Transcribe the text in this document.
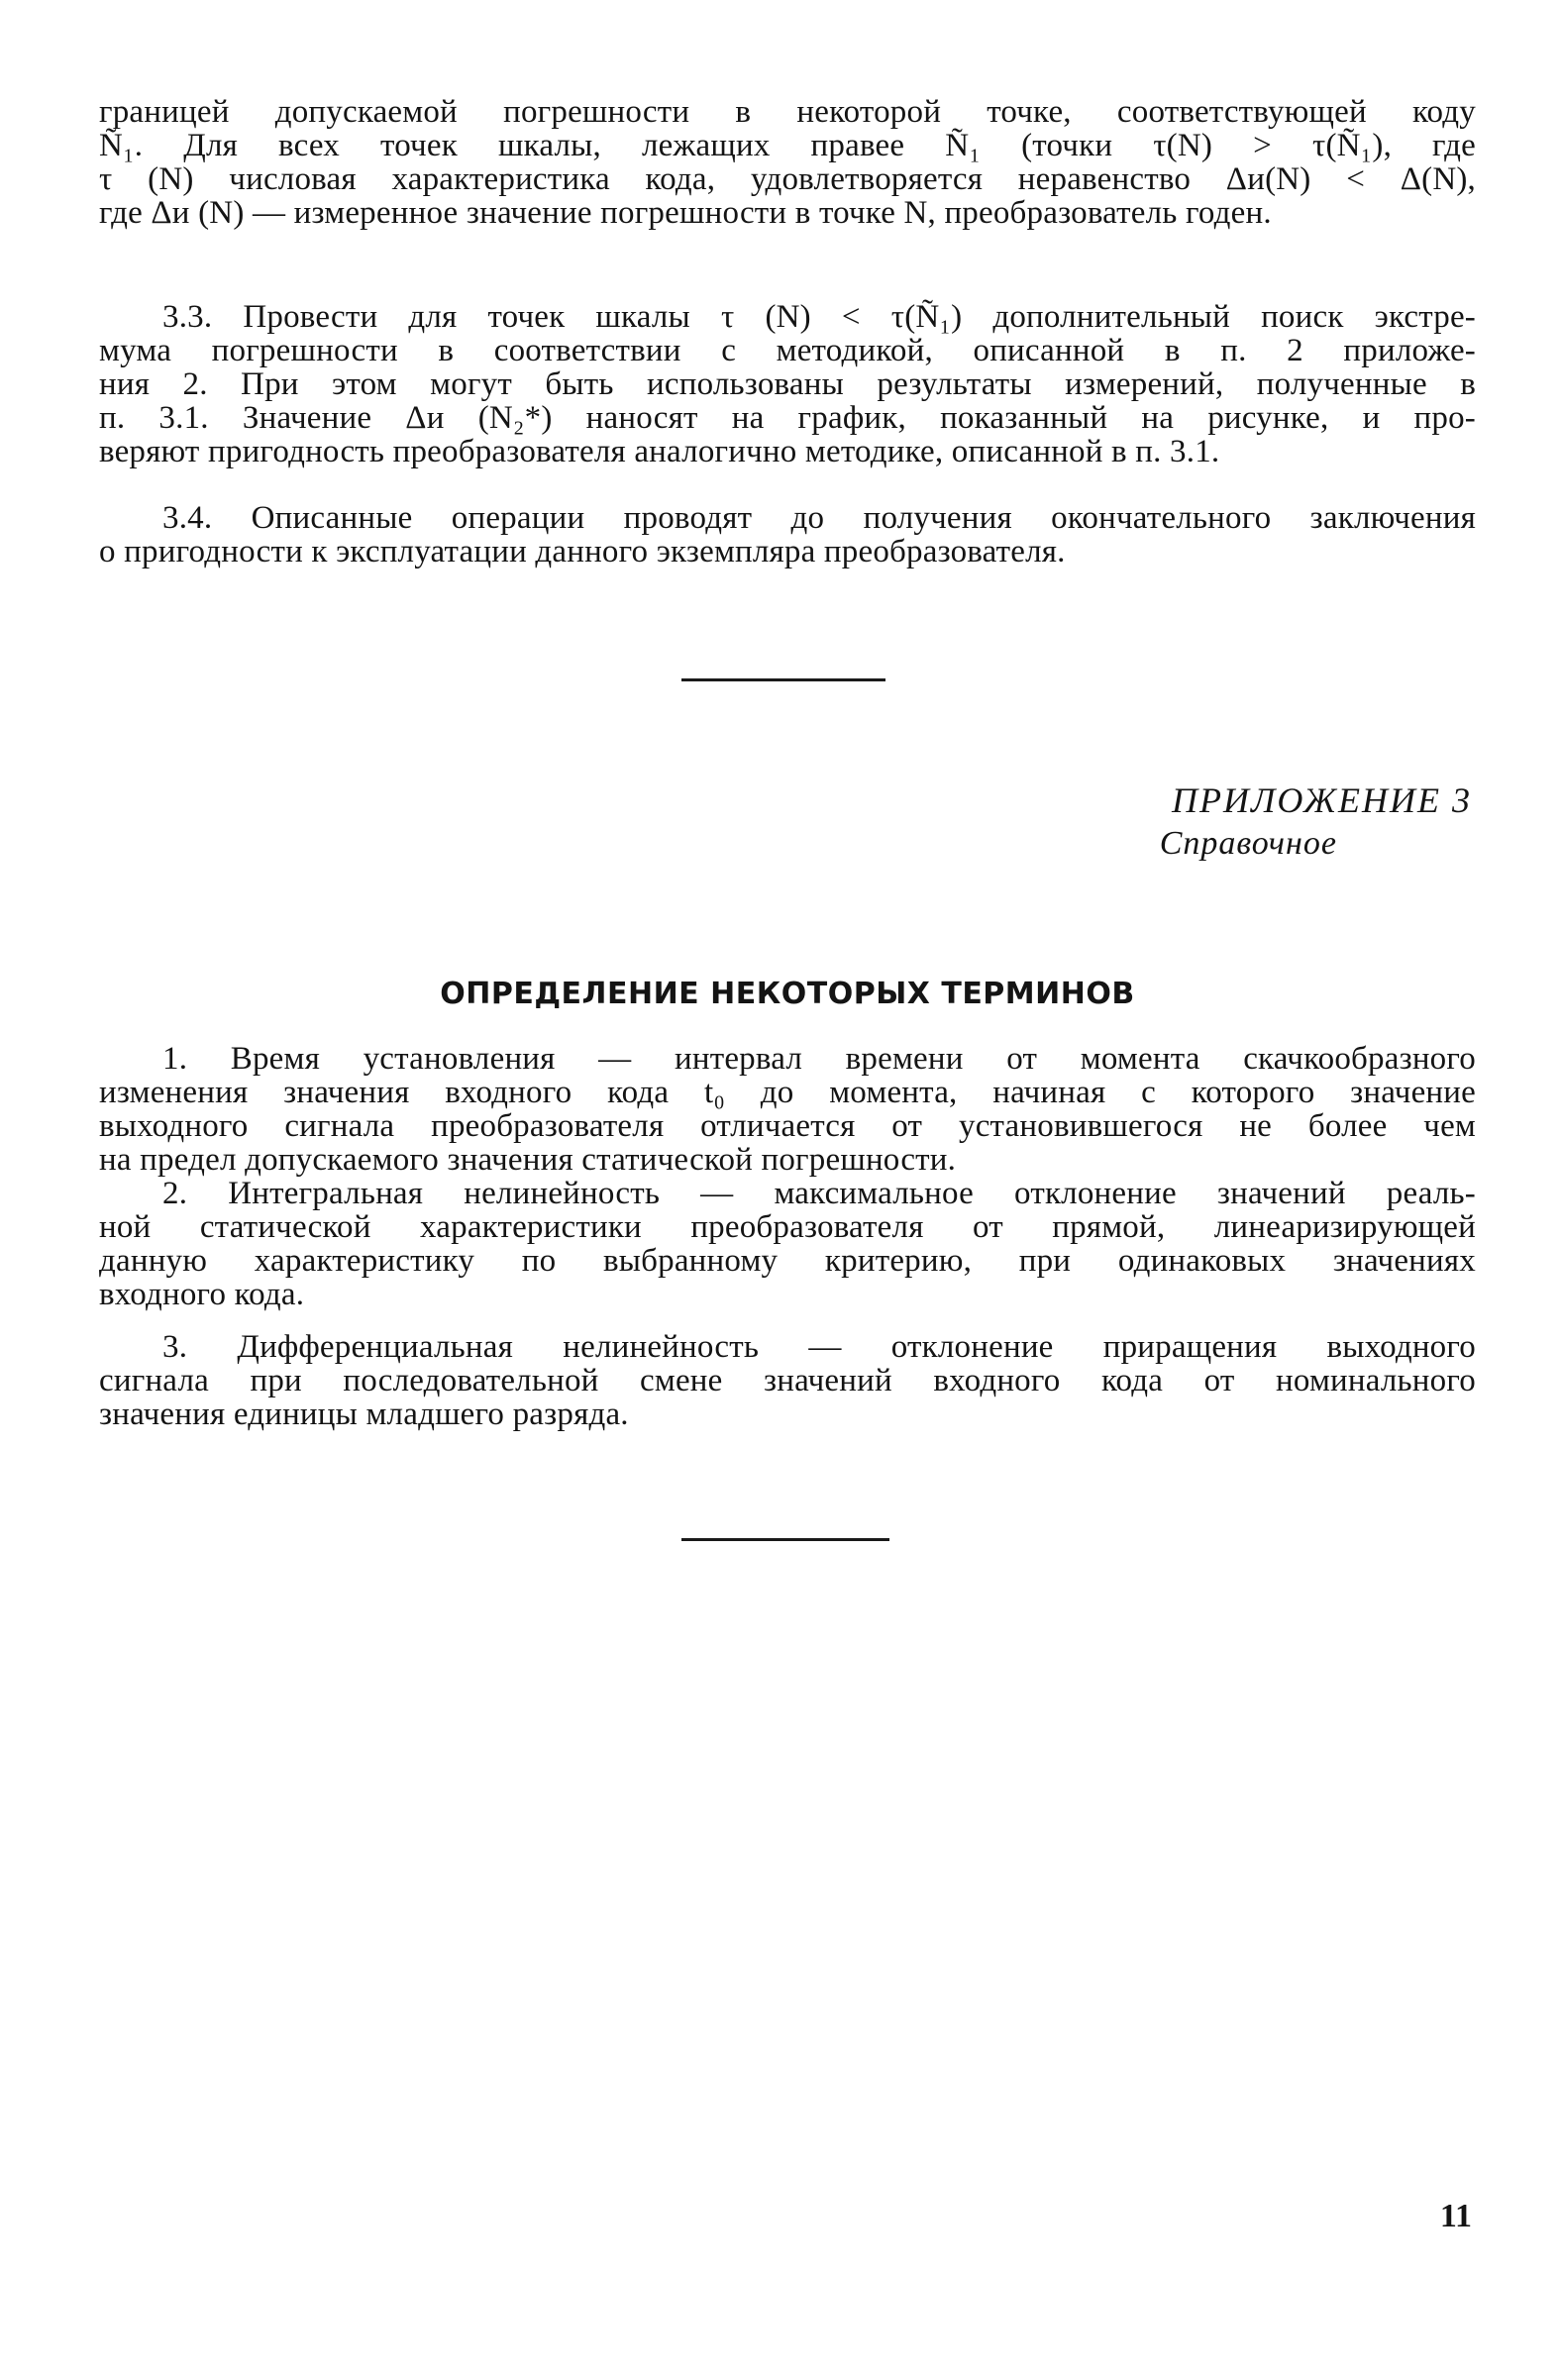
границей допускаемой погрешности в некоторой точке, соответствующей коду
Ñ₁. Для всех точек шкалы, лежащих правее Ñ₁ (точки τ(N) > τ(Ñ₁), где
τ (N) числовая характеристика кода, удовлетворяется неравенство Δи(N) < Δ(N),
где Δи (N) — измеренное значение погрешности в точке N, преобразователь годен.
3.3. Провести для точек шкалы τ (N) < τ(Ñ₁) дополнительный поиск экстре-
мума погрешности в соответствии с методикой, описанной в п. 2 приложе-
ния 2. При этом могут быть использованы результаты измерений, полученные в
п. 3.1. Значение Δи (N₂*) наносят на график, показанный на рисунке, и про-
веряют пригодность преобразователя аналогично методике, описанной в п. 3.1.
3.4. Описанные операции проводят до получения окончательного заключения
о пригодности к эксплуатации данного экземпляра преобразователя.
ПРИЛОЖЕНИЕ 3
Справочное
ОПРЕДЕЛЕНИЕ НЕКОТОРЫХ ТЕРМИНОВ
1. Время установления — интервал времени от момента скачкообразного
изменения значения входного кода t₀ до момента, начиная с которого значение
выходного сигнала преобразователя отличается от установившегося не более чем
на предел допускаемого значения статической погрешности.
2. Интегральная нелинейность — максимальное отклонение значений реаль-
ной статической характеристики преобразователя от прямой, линеаризирующей
данную характеристику по выбранному критерию, при одинаковых значениях
входного кода.
3. Дифференциальная нелинейность — отклонение приращения выходного
сигнала при последовательной смене значений входного кода от номинального
значения единицы младшего разряда.
11
